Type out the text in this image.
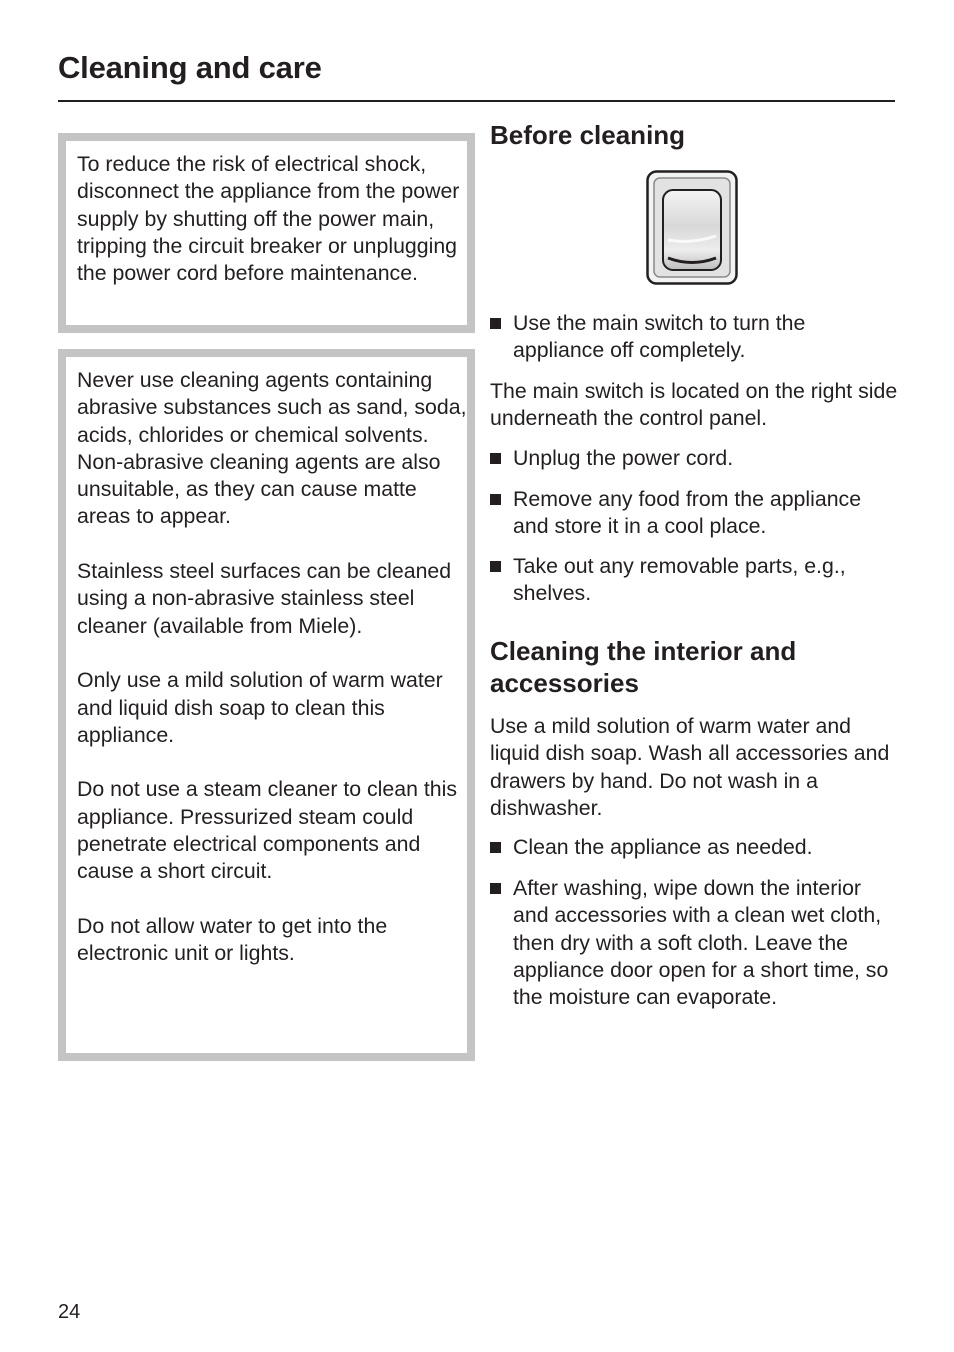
Cleaning and care

To reduce the risk of electrical shock, disconnect the appliance from the power supply by shutting off the power main, tripping the circuit breaker or unplugging the power cord before maintenance.

Never use cleaning agents containing abrasive substances such as sand, soda, acids, chlorides or chemical solvents. Non-abrasive cleaning agents are also unsuitable, as they can cause matte areas to appear.

Stainless steel surfaces can be cleaned using a non-abrasive stainless steel cleaner (available from Miele).

Only use a mild solution of warm water and liquid dish soap to clean this appliance.

Do not use a steam cleaner to clean this appliance. Pressurized steam could penetrate electrical components and cause a short circuit.

Do not allow water to get into the electronic unit or lights.

Before cleaning
Use the main switch to turn the appliance off completely.

The main switch is located on the right side underneath the control panel.

Unplug the power cord.
Remove any food from the appliance and store it in a cool place.
Take out any removable parts, e.g., shelves.
Cleaning the interior and accessories

Use a mild solution of warm water and liquid dish soap. Wash all accessories and drawers by hand. Do not wash in a dishwasher.

Clean the appliance as needed.
After washing, wipe down the interior and accessories with a clean wet cloth, then dry with a soft cloth. Leave the appliance door open for a short time, so the moisture can evaporate.
24
